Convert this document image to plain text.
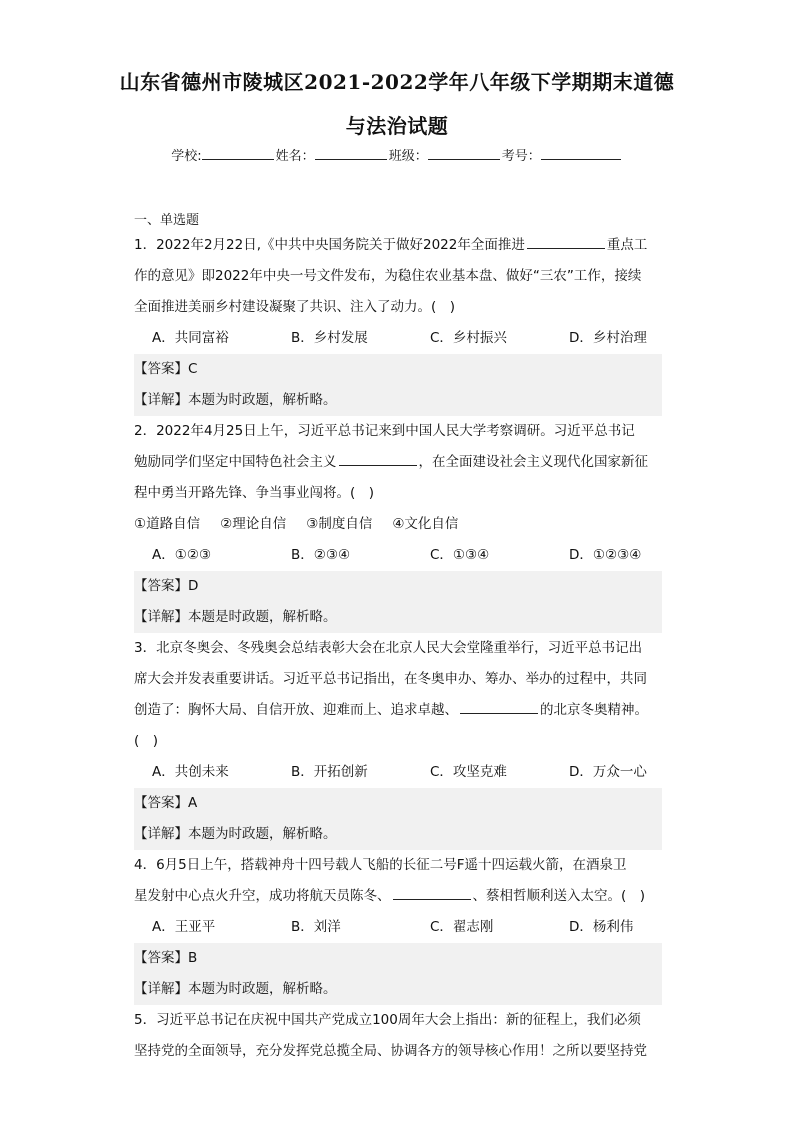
山东省德州市陵城区2021-2022学年八年级下学期期末道德
与法治试题
学校:	姓名：	班级：	考号：
一、单选题
1．2022年2月22日,《中共中央国务院关于做好2022年全面推进	重点工
作的意见》即2022年中央一号文件发布，为稳住农业基本盘、做好“三农”工作，接续
全面推进美丽乡村建设凝聚了共识、注入了动力。(　)
A．共同富裕	B．乡村发展	C．乡村振兴	D．乡村治理
【答案】C
【详解】本题为时政题，解析略。
2．2022年4月25日上午，习近平总书记来到中国人民大学考察调研。习近平总书记
勉励同学们坚定中国特色社会主义	，在全面建设社会主义现代化国家新征
程中勇当开路先锋、争当事业闯将。(　)
①道路自信 ②理论自信 ③制度自信 ④文化自信
A．①②③	B．②③④	C．①③④	D．①②③④
【答案】D
【详解】本题是时政题，解析略。
3．北京冬奥会、冬残奥会总结表彰大会在北京人民大会堂隆重举行，习近平总书记出
席大会并发表重要讲话。习近平总书记指出，在冬奥申办、筹办、举办的过程中，共同
创造了：胸怀大局、自信开放、迎难而上、追求卓越、	的北京冬奥精神。
(　)
A．共创未来	B．开拓创新	C．攻坚克难	D．万众一心
【答案】A
【详解】本题为时政题，解析略。
4．6月5日上午，搭载神舟十四号载人飞船的长征二号F遥十四运载火箭，在酒泉卫
星发射中心点火升空，成功将航天员陈冬、	、蔡相哲顺利送入太空。(　)
A．王亚平	B．刘洋	C．翟志刚	D．杨利伟
【答案】B
【详解】本题为时政题，解析略。
5．习近平总书记在庆祝中国共产党成立100周年大会上指出：新的征程上，我们必须
坚持党的全面领导，充分发挥党总揽全局、协调各方的领导核心作用！之所以要坚持党
